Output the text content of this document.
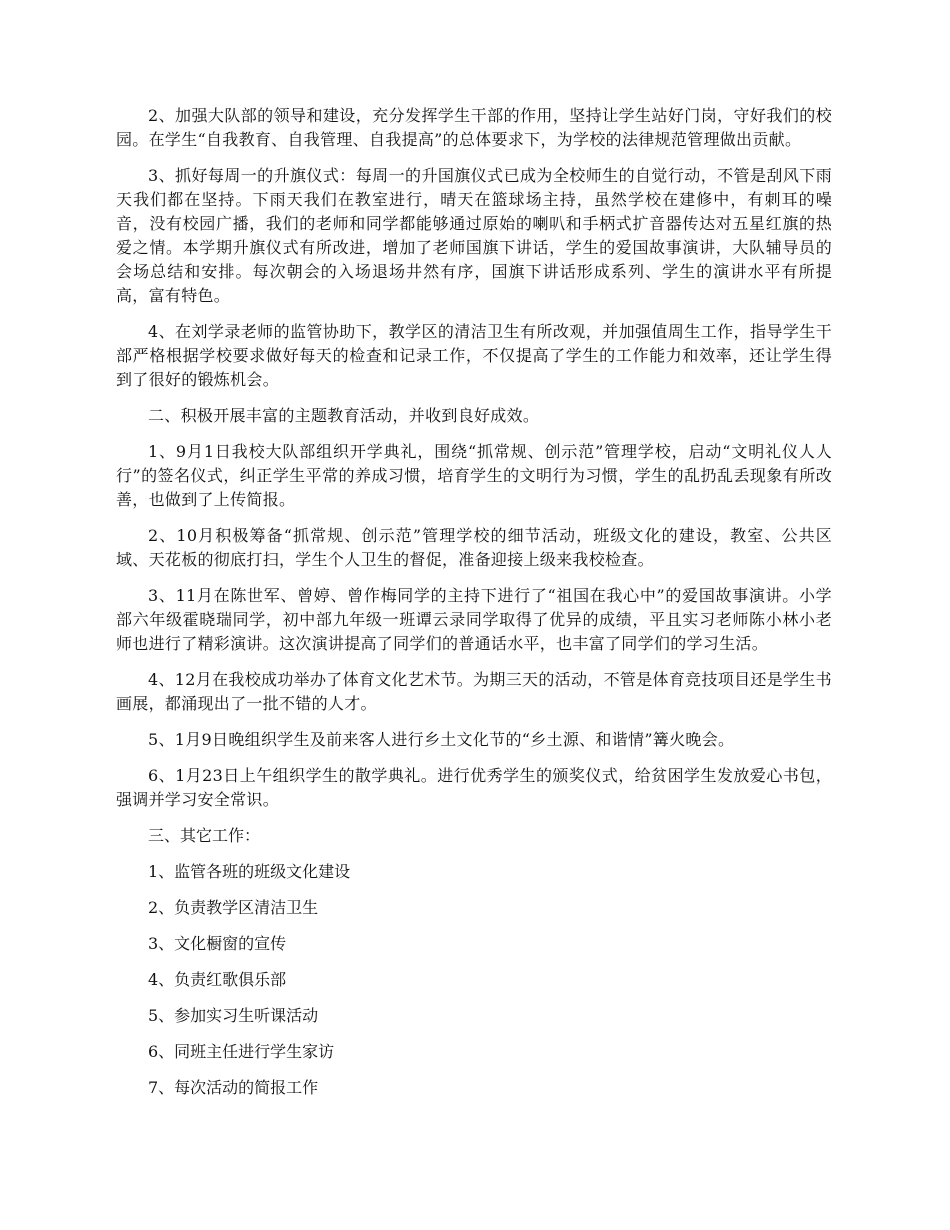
2、加强大队部的领导和建设，充分发挥学生干部的作用，坚持让学生站好门岗，守好我们的校园。在学生“自我教育、自我管理、自我提高”的总体要求下，为学校的法律规范管理做出贡献。

3、抓好每周一的升旗仪式：每周一的升国旗仪式已成为全校师生的自觉行动，不管是刮风下雨天我们都在坚持。下雨天我们在教室进行，晴天在篮球场主持，虽然学校在建修中，有刺耳的噪音，没有校园广播，我们的老师和同学都能够通过原始的喇叭和手柄式扩音器传达对五星红旗的热爱之情。本学期升旗仪式有所改进，增加了老师国旗下讲话，学生的爱国故事演讲，大队辅导员的会场总结和安排。每次朝会的入场退场井然有序，国旗下讲话形成系列、学生的演讲水平有所提高，富有特色。

4、在刘学录老师的监管协助下，教学区的清洁卫生有所改观，并加强值周生工作，指导学生干部严格根据学校要求做好每天的检查和记录工作，不仅提高了学生的工作能力和效率，还让学生得到了很好的锻炼机会。

二、积极开展丰富的主题教育活动，并收到良好成效。

1、9月1日我校大队部组织开学典礼，围绕“抓常规、创示范”管理学校，启动“文明礼仪人人行”的签名仪式，纠正学生平常的养成习惯，培育学生的文明行为习惯，学生的乱扔乱丢现象有所改善，也做到了上传简报。

2、10月积极筹备“抓常规、创示范”管理学校的细节活动，班级文化的建设，教室、公共区域、天花板的彻底打扫，学生个人卫生的督促，准备迎接上级来我校检查。

3、11月在陈世军、曾婷、曾作梅同学的主持下进行了“祖国在我心中”的爱国故事演讲。小学部六年级霍晓瑞同学，初中部九年级一班谭云录同学取得了优异的成绩，平且实习老师陈小林小老师也进行了精彩演讲。这次演讲提高了同学们的普通话水平，也丰富了同学们的学习生活。

4、12月在我校成功举办了体育文化艺术节。为期三天的活动，不管是体育竞技项目还是学生书画展，都涌现出了一批不错的人才。

5、1月9日晚组织学生及前来客人进行乡土文化节的“乡土源、和谐情”篝火晚会。

6、1月23日上午组织学生的散学典礼。进行优秀学生的颁奖仪式，给贫困学生发放爱心书包，强调并学习安全常识。

三、其它工作：

1、监管各班的班级文化建设

2、负责教学区清洁卫生

3、文化橱窗的宣传

4、负责红歌俱乐部

5、参加实习生听课活动

6、同班主任进行学生家访

7、每次活动的简报工作
